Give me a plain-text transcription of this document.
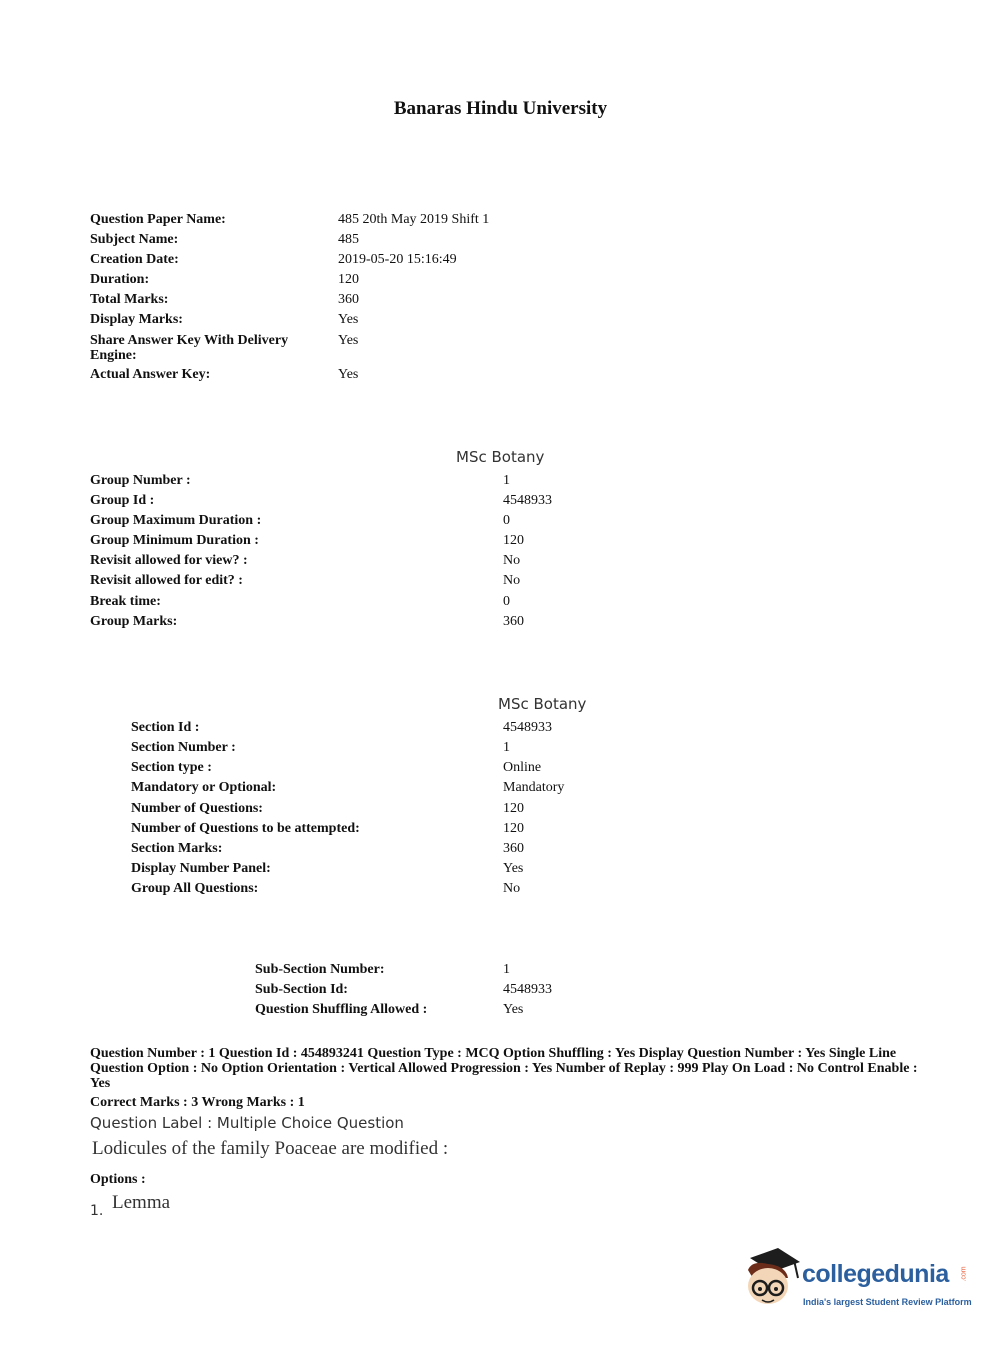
Banaras Hindu University
Question Paper Name:	485 20th May 2019 Shift 1
Subject Name:	485
Creation Date:	2019-05-20 15:16:49
Duration:	120
Total Marks:	360
Display Marks:	Yes
Share Answer Key With Delivery Engine:
Yes
Actual Answer Key:	Yes
MSc Botany
Group Number :	1
Group Id :	4548933
Group Maximum Duration :	0
Group Minimum Duration :	120
Revisit allowed for view? :	No
Revisit allowed for edit? :	No
Break time:	0
Group Marks:	360
MSc Botany
Section Id :	4548933
Section Number :	1
Section type :	Online
Mandatory or Optional:	Mandatory
Number of Questions:	120
Number of Questions to be attempted:	120
Section Marks:	360
Display Number Panel:	Yes
Group All Questions:	No
Sub-Section Number:	1
Sub-Section Id:	4548933
Question Shuffling Allowed :	Yes
Question Number : 1 Question Id : 454893241 Question Type : MCQ Option Shuffling : Yes Display Question Number : Yes Single Line Question Option : No Option Orientation : Vertical Allowed Progression : Yes Number of Replay : 999 Play On Load : No Control Enable : Yes
Correct Marks : 3 Wrong Marks : 1
Question Label : Multiple Choice Question
Lodicules of the family Poaceae are modified :
Options :
1. Lemma
collegedunia .com
India's largest Student Review Platform
